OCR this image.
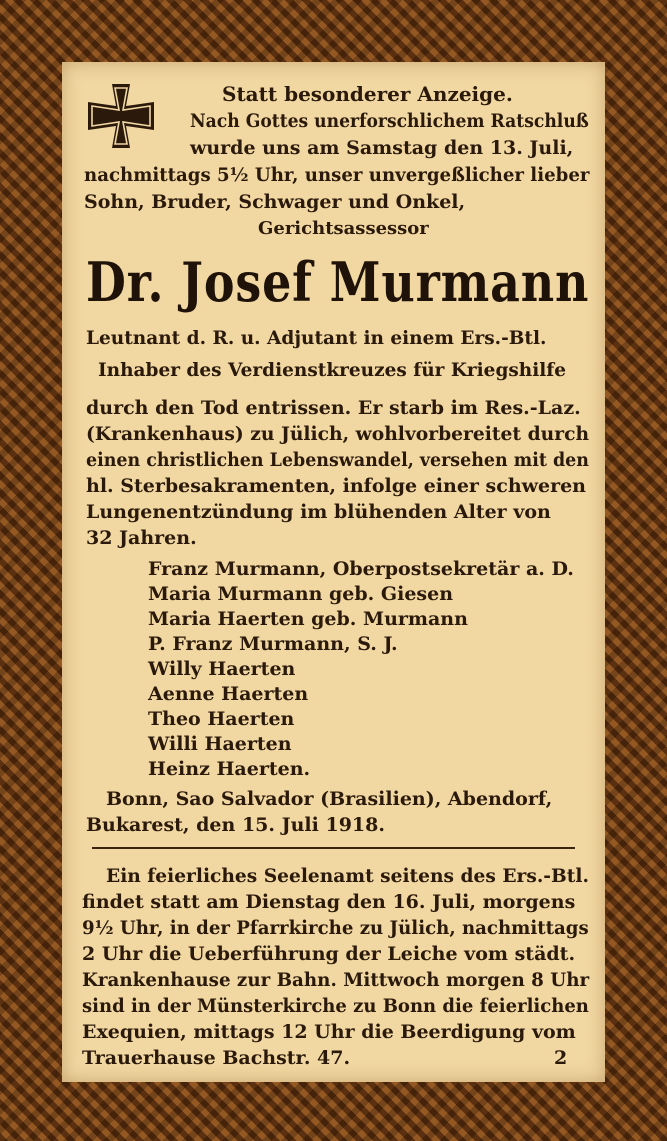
Statt besonderer Anzeige.

Nach Gottes unerforschlichem Ratschluß

wurde uns am Samstag den 13. Juli,

nachmittags 5½ Uhr, unser unvergeßlicher lieber

Sohn, Bruder, Schwager und Onkel,

Gerichtsassessor

Dr. Josef Murmann

Leutnant d. R. u. Adjutant in einem Ers.-Btl.

Inhaber des Verdienstkreuzes für Kriegshilfe

durch den Tod entrissen. Er starb im Res.-Laz.

(Krankenhaus) zu Jülich, wohlvorbereitet durch

einen christlichen Lebenswandel, versehen mit den

hl. Sterbesakramenten, infolge einer schweren

Lungenentzündung im blühenden Alter von

32 Jahren.

Franz Murmann, Oberpostsekretär a. D.

Maria Murmann geb. Giesen

Maria Haerten geb. Murmann

P. Franz Murmann, S. J.

Willy Haerten

Aenne Haerten

Theo Haerten

Willi Haerten

Heinz Haerten.

Bonn, Sao Salvador (Brasilien), Abendorf,

Bukarest, den 15. Juli 1918.

Ein feierliches Seelenamt seitens des Ers.-Btl.

findet statt am Dienstag den 16. Juli, morgens

9½ Uhr, in der Pfarrkirche zu Jülich, nachmittags

2 Uhr die Ueberführung der Leiche vom städt.

Krankenhause zur Bahn. Mittwoch morgen 8 Uhr

sind in der Münsterkirche zu Bonn die feierlichen

Exequien, mittags 12 Uhr die Beerdigung vom

Trauerhause Bachstr. 47.	2
